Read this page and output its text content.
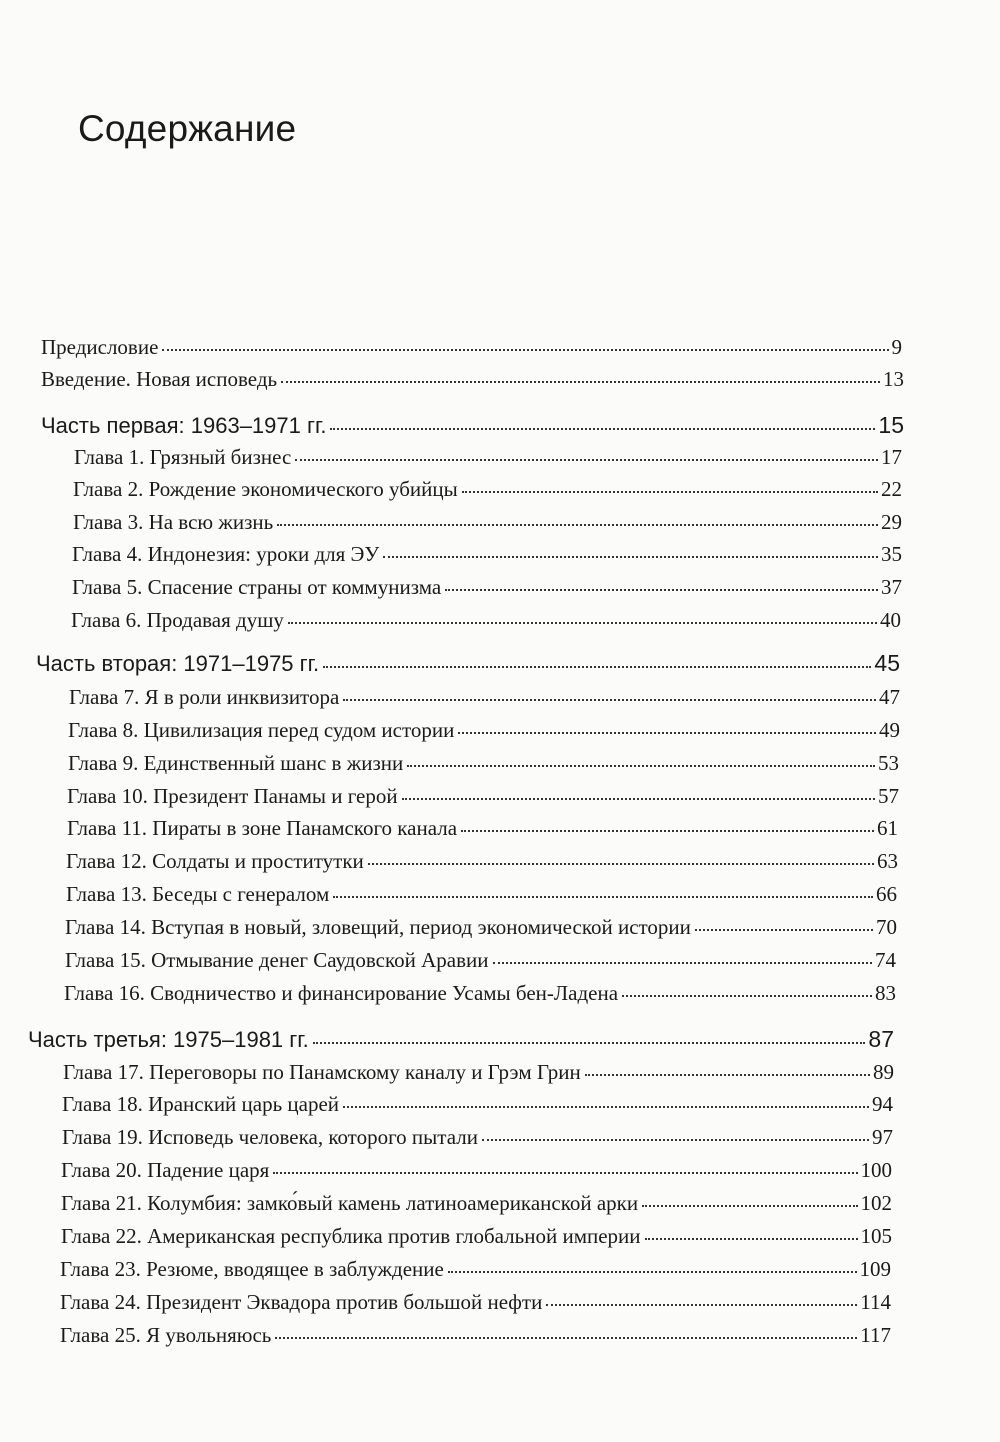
Содержание
Предисловие	9
Введение. Новая исповедь	13
Часть первая: 1963–1971 гг.	15
Глава 1. Грязный бизнес	17
Глава 2. Рождение экономического убийцы	22
Глава 3. На всю жизнь	29
Глава 4. Индонезия: уроки для ЭУ	35
Глава 5. Спасение страны от коммунизма	37
Глава 6. Продавая душу	40
Часть вторая: 1971–1975 гг.	45
Глава 7. Я в роли инквизитора	47
Глава 8. Цивилизация перед судом истории	49
Глава 9. Единственный шанс в жизни	53
Глава 10. Президент Панамы и герой	57
Глава 11. Пираты в зоне Панамского канала	61
Глава 12. Солдаты и проститутки	63
Глава 13. Беседы с генералом	66
Глава 14. Вступая в новый, зловещий, период экономической истории	70
Глава 15. Отмывание денег Саудовской Аравии	74
Глава 16. Сводничество и финансирование Усамы бен-Ладена	83
Часть третья: 1975–1981 гг.	87
Глава 17. Переговоры по Панамскому каналу и Грэм Грин	89
Глава 18. Иранский царь царей	94
Глава 19. Исповедь человека, которого пытали	97
Глава 20. Падение царя	100
Глава 21. Колумбия: замко́вый камень латиноамериканской арки	102
Глава 22. Американская республика против глобальной империи	105
Глава 23. Резюме, вводящее в заблуждение	109
Глава 24. Президент Эквадора против большой нефти	114
Глава 25. Я увольняюсь	117
